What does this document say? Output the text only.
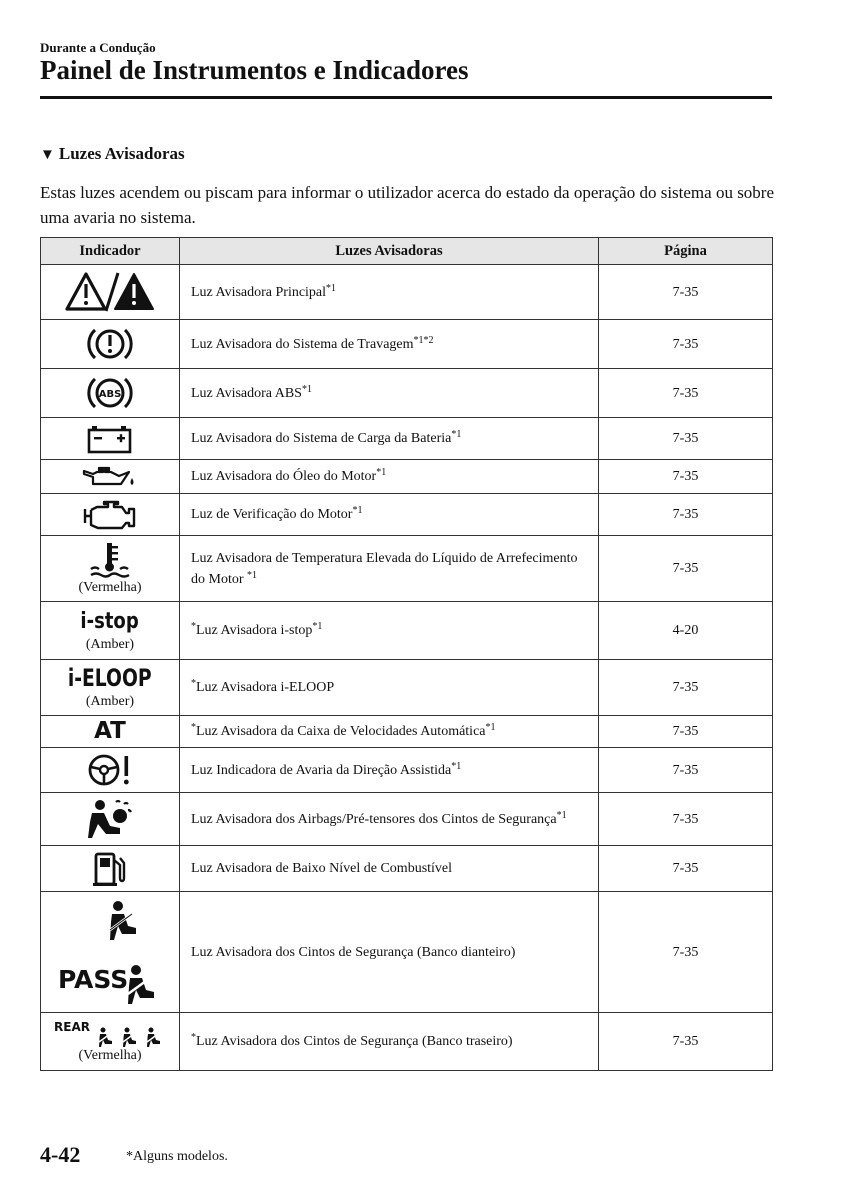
Durante a Condução
Painel de Instrumentos e Indicadores
▼ Luzes Avisadoras
Estas luzes acendem ou piscam para informar o utilizador acerca do estado da operação do sistema ou sobre uma avaria no sistema.
Indicador	Luzes Avisadoras	Página

	Luz Avisadora Principal$^{*1}$	7-35

	Luz Avisadora do Sistema de Travagem$^{*1*2}$	7-35

ABS	Luz Avisadora ABS$^{*1}$	7-35

	Luz Avisadora do Sistema de Carga da Bateria$^{*1}$	7-35

	Luz Avisadora do Óleo do Motor$^{*1}$	7-35

	Luz de Verificação do Motor$^{*1}$	7-35

(Vermelha)	Luz Avisadora de Temperatura Elevada do Líquido de Arrefecimento do Motor $^{*1}$	7-35
i-stop
(Amber)	*Luz Avisadora i-stop$^{*1}$	4-20
i-ELOOP
(Amber)	*Luz Avisadora i-ELOOP	7-35
AT	*Luz Avisadora da Caixa de Velocidades Automática$^{*1}$	7-35

	Luz Indicadora de Avaria da Direção Assistida$^{*1}$	7-35

	Luz Avisadora dos Airbags/Pré-tensores dos Cintos de Segurança$^{*1}$	7-35

	Luz Avisadora de Baixo Nível de Combustível	7-35

PASS	Luz Avisadora dos Cintos de Segurança (Banco dianteiro)	7-35

REAR
(Vermelha)	*Luz Avisadora dos Cintos de Segurança (Banco traseiro)	7-35
4-42	*Alguns modelos.
